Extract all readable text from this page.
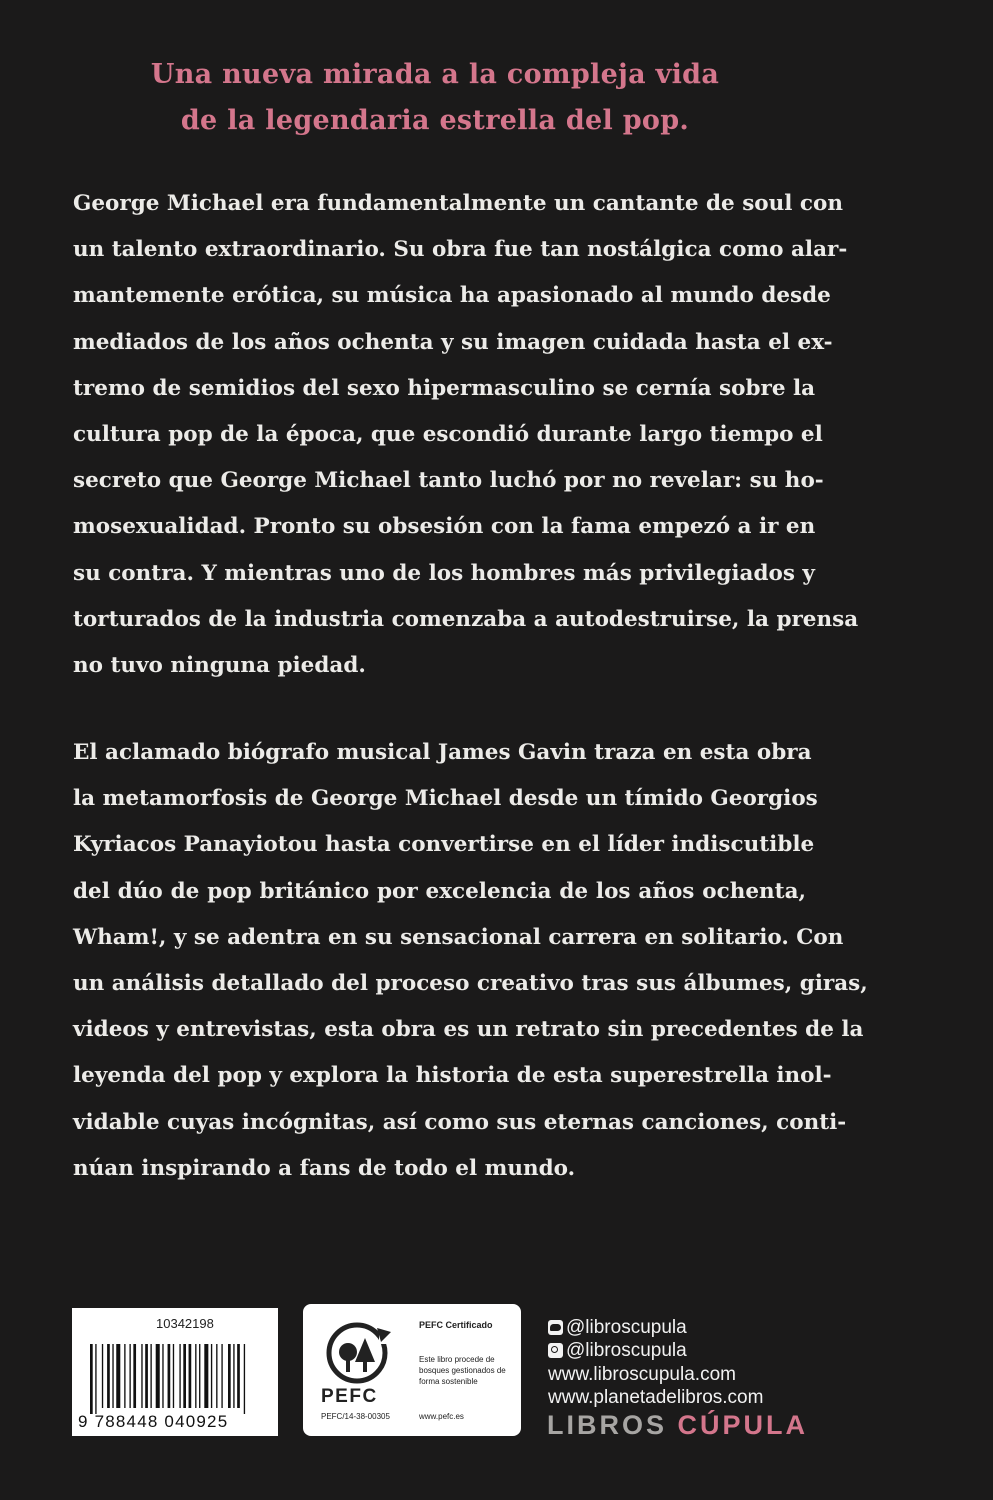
Una nueva mirada a la compleja vida
de la legendaria estrella del pop.
George Michael era fundamentalmente un cantante de soul con
un talento extraordinario. Su obra fue tan nostálgica como alar-
mantemente erótica, su música ha apasionado al mundo desde
mediados de los años ochenta y su imagen cuidada hasta el ex-
tremo de semidios del sexo hipermasculino se cernía sobre la
cultura pop de la época, que escondió durante largo tiempo el
secreto que George Michael tanto luchó por no revelar: su ho-
mosexualidad. Pronto su obsesión con la fama empezó a ir en
su contra. Y mientras uno de los hombres más privilegiados y
torturados de la industria comenzaba a autodestruirse, la prensa
no tuvo ninguna piedad.
El aclamado biógrafo musical James Gavin traza en esta obra
la metamorfosis de George Michael desde un tímido Georgios
Kyriacos Panayiotou hasta convertirse en el líder indiscutible
del dúo de pop británico por excelencia de los años ochenta,
Wham!, y se adentra en su sensacional carrera en solitario. Con
un análisis detallado del proceso creativo tras sus álbumes, giras,
videos y entrevistas, esta obra es un retrato sin precedentes de la
leyenda del pop y explora la historia de esta superestrella inol-
vidable cuyas incógnitas, así como sus eternas canciones, conti-
núan inspirando a fans de todo el mundo.
10342198
9 788448 040925
PEFC
PEFC Certificado
Este libro procede de bosques gestionados de forma sostenible
PEFC/14-38-00305	www.pefc.es
@libroscupula
@libroscupula
www.libroscupula.com
www.planetadelibros.com
LIBROS CÚPULA
